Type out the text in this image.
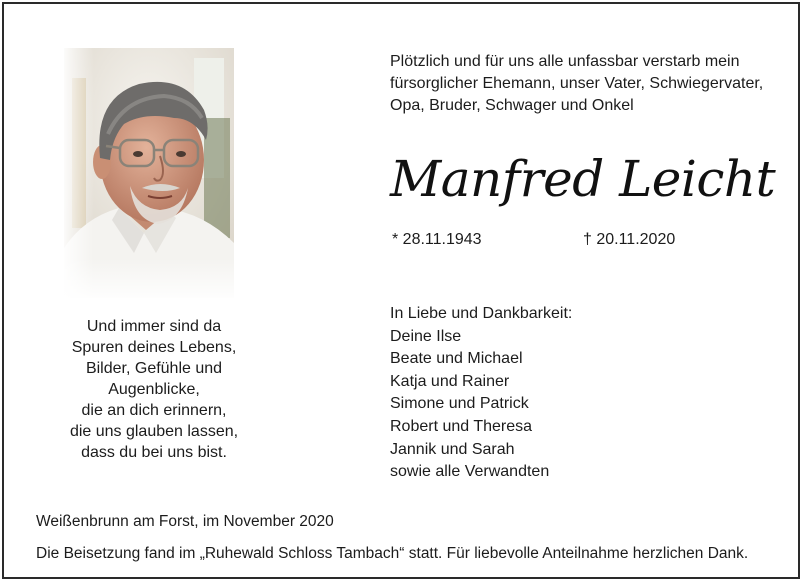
Und immer sind da
Spuren deines Lebens,
Bilder, Gefühle und
Augenblicke,
die an dich erinnern,
die uns glauben lassen,
dass du bei uns bist.
Plötzlich und für uns alle unfassbar verstarb mein
fürsorglicher Ehemann, unser Vater, Schwiegervater,
Opa, Bruder, Schwager und Onkel
Manfred Leicht
* 28.11.1943	† 20.11.2020
In Liebe und Dankbarkeit:
Deine Ilse
Beate und Michael
Katja und Rainer
Simone und Patrick
Robert und Theresa
Jannik und Sarah
sowie alle Verwandten
Weißenbrunn am Forst, im November 2020
Die Beisetzung fand im „Ruhewald Schloss Tambach“ statt. Für liebevolle Anteilnahme herzlichen Dank.
